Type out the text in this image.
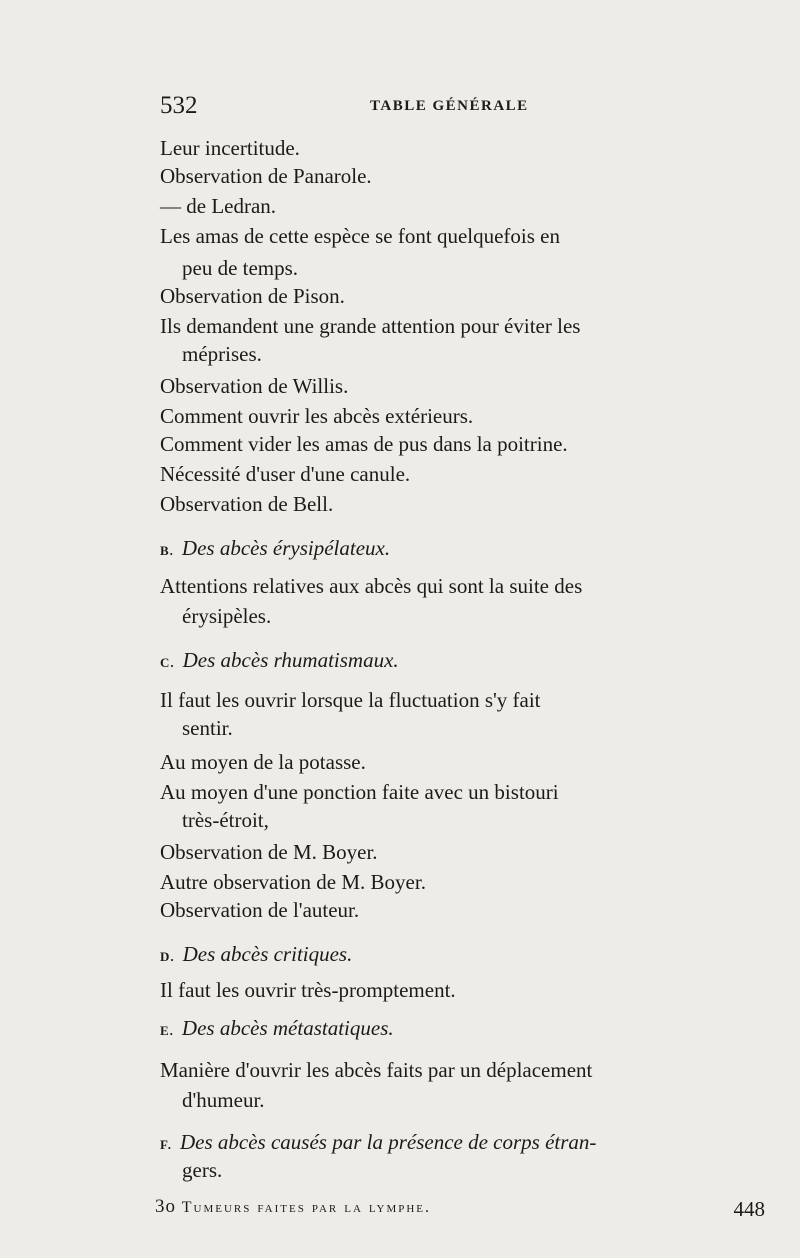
532	TABLE GÉNÉRALE
Leur incertitude.
Observation de Panarole.
— de Ledran.
Les amas de cette espèce se font quelquefois en
peu de temps.
Observation de Pison.
Ils demandent une grande attention pour éviter les
méprises.
Observation de Willis.
Comment ouvrir les abcès extérieurs.
Comment vider les amas de pus dans la poitrine.
Nécessité d'user d'une canule.
Observation de Bell.
B. Des abcès érysipélateux.
Attentions relatives aux abcès qui sont la suite des
érysipèles.
C. Des abcès rhumatismaux.
Il faut les ouvrir lorsque la fluctuation s'y fait
sentir.
Au moyen de la potasse.
Au moyen d'une ponction faite avec un bistouri
très-étroit,
Observation de M. Boyer.
Autre observation de M. Boyer.
Observation de l'auteur.
D. Des abcès critiques.
Il faut les ouvrir très-promptement.
E. Des abcès métastatiques.
Manière d'ouvrir les abcès faits par un déplacement
d'humeur.
F. Des abcès causés par la présence de corps étran-
gers.
3o Tumeurs faites par la lymphe.	448
